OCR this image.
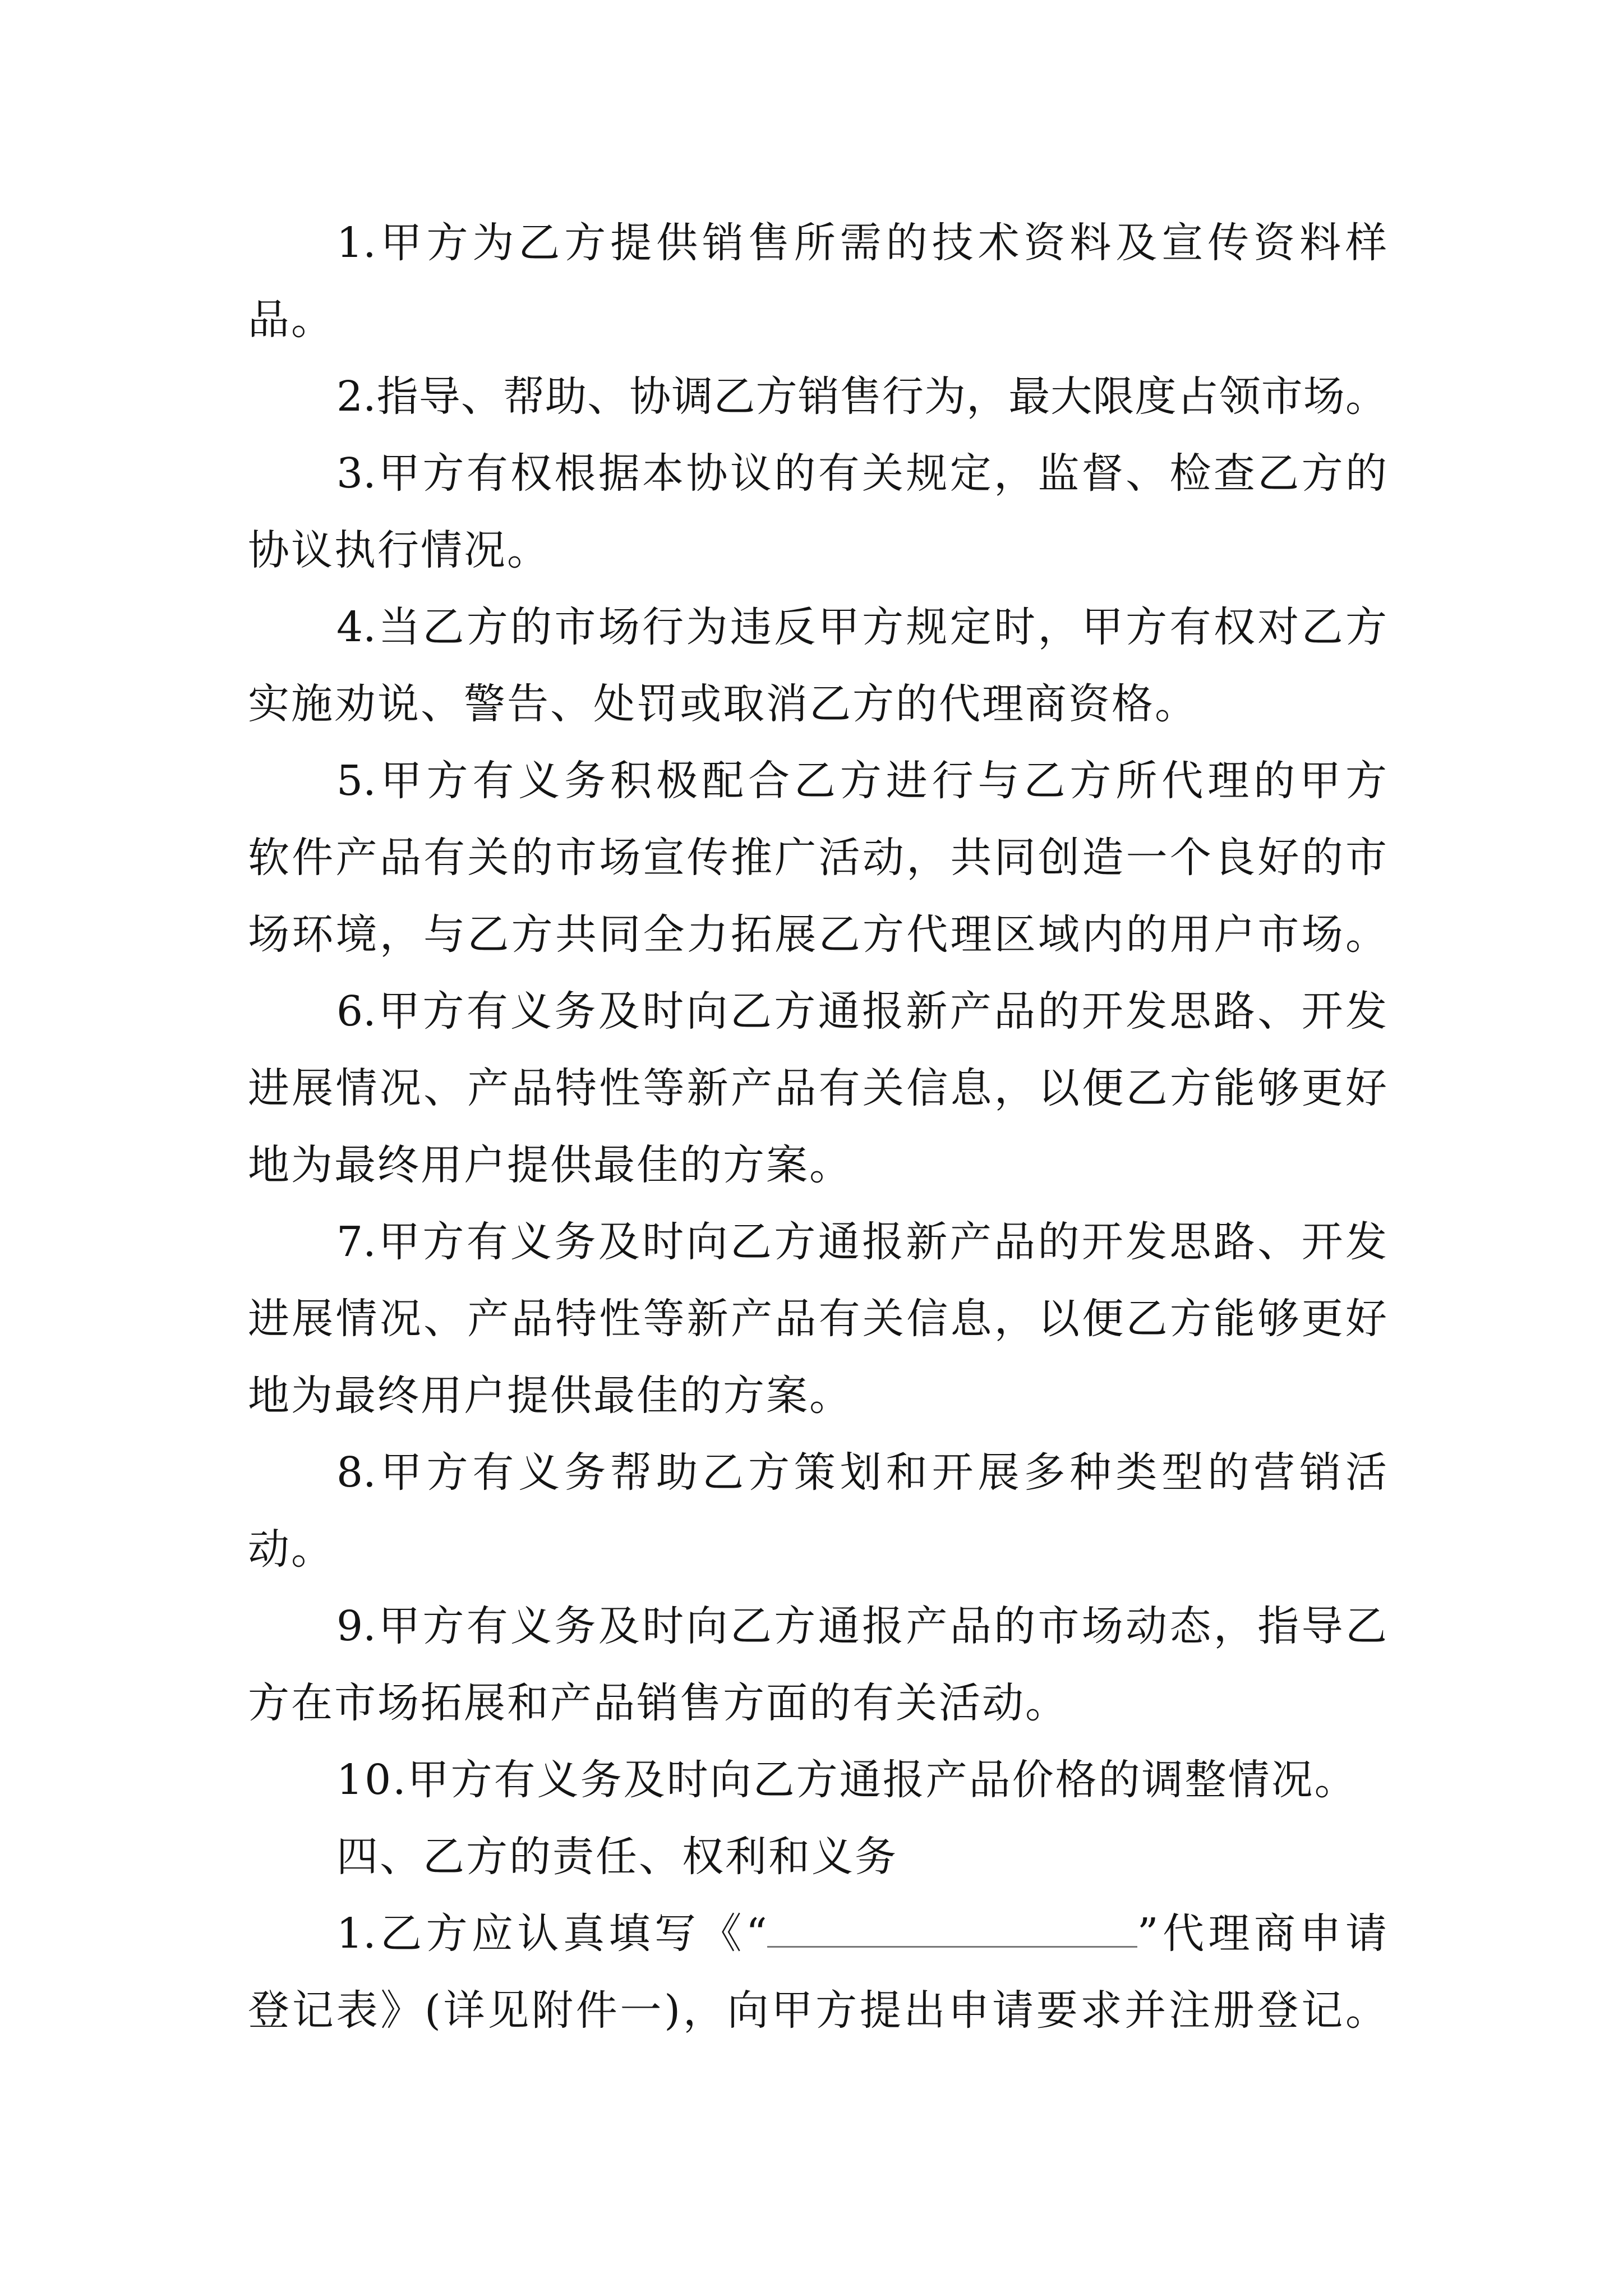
1.甲方为乙方提供销售所需的技术资料及宣传资料样
品。
2.指导、帮助、协调乙方销售行为，最大限度占领市场。
3.甲方有权根据本协议的有关规定，监督、检查乙方的
协议执行情况。
4.当乙方的市场行为违反甲方规定时，甲方有权对乙方
实施劝说、警告、处罚或取消乙方的代理商资格。
5.甲方有义务积极配合乙方进行与乙方所代理的甲方
软件产品有关的市场宣传推广活动，共同创造一个良好的市
场环境，与乙方共同全力拓展乙方代理区域内的用户市场。
6.甲方有义务及时向乙方通报新产品的开发思路、开发
进展情况、产品特性等新产品有关信息，以便乙方能够更好
地为最终用户提供最佳的方案。
7.甲方有义务及时向乙方通报新产品的开发思路、开发
进展情况、产品特性等新产品有关信息，以便乙方能够更好
地为最终用户提供最佳的方案。
8.甲方有义务帮助乙方策划和开展多种类型的营销活
动。
9.甲方有义务及时向乙方通报产品的市场动态，指导乙
方在市场拓展和产品销售方面的有关活动。
10.甲方有义务及时向乙方通报产品价格的调整情况。
四、乙方的责任、权利和义务
1.乙方应认真填写《“	”代理商申请
登记表》(详见附件一)，向甲方提出申请要求并注册登记。
